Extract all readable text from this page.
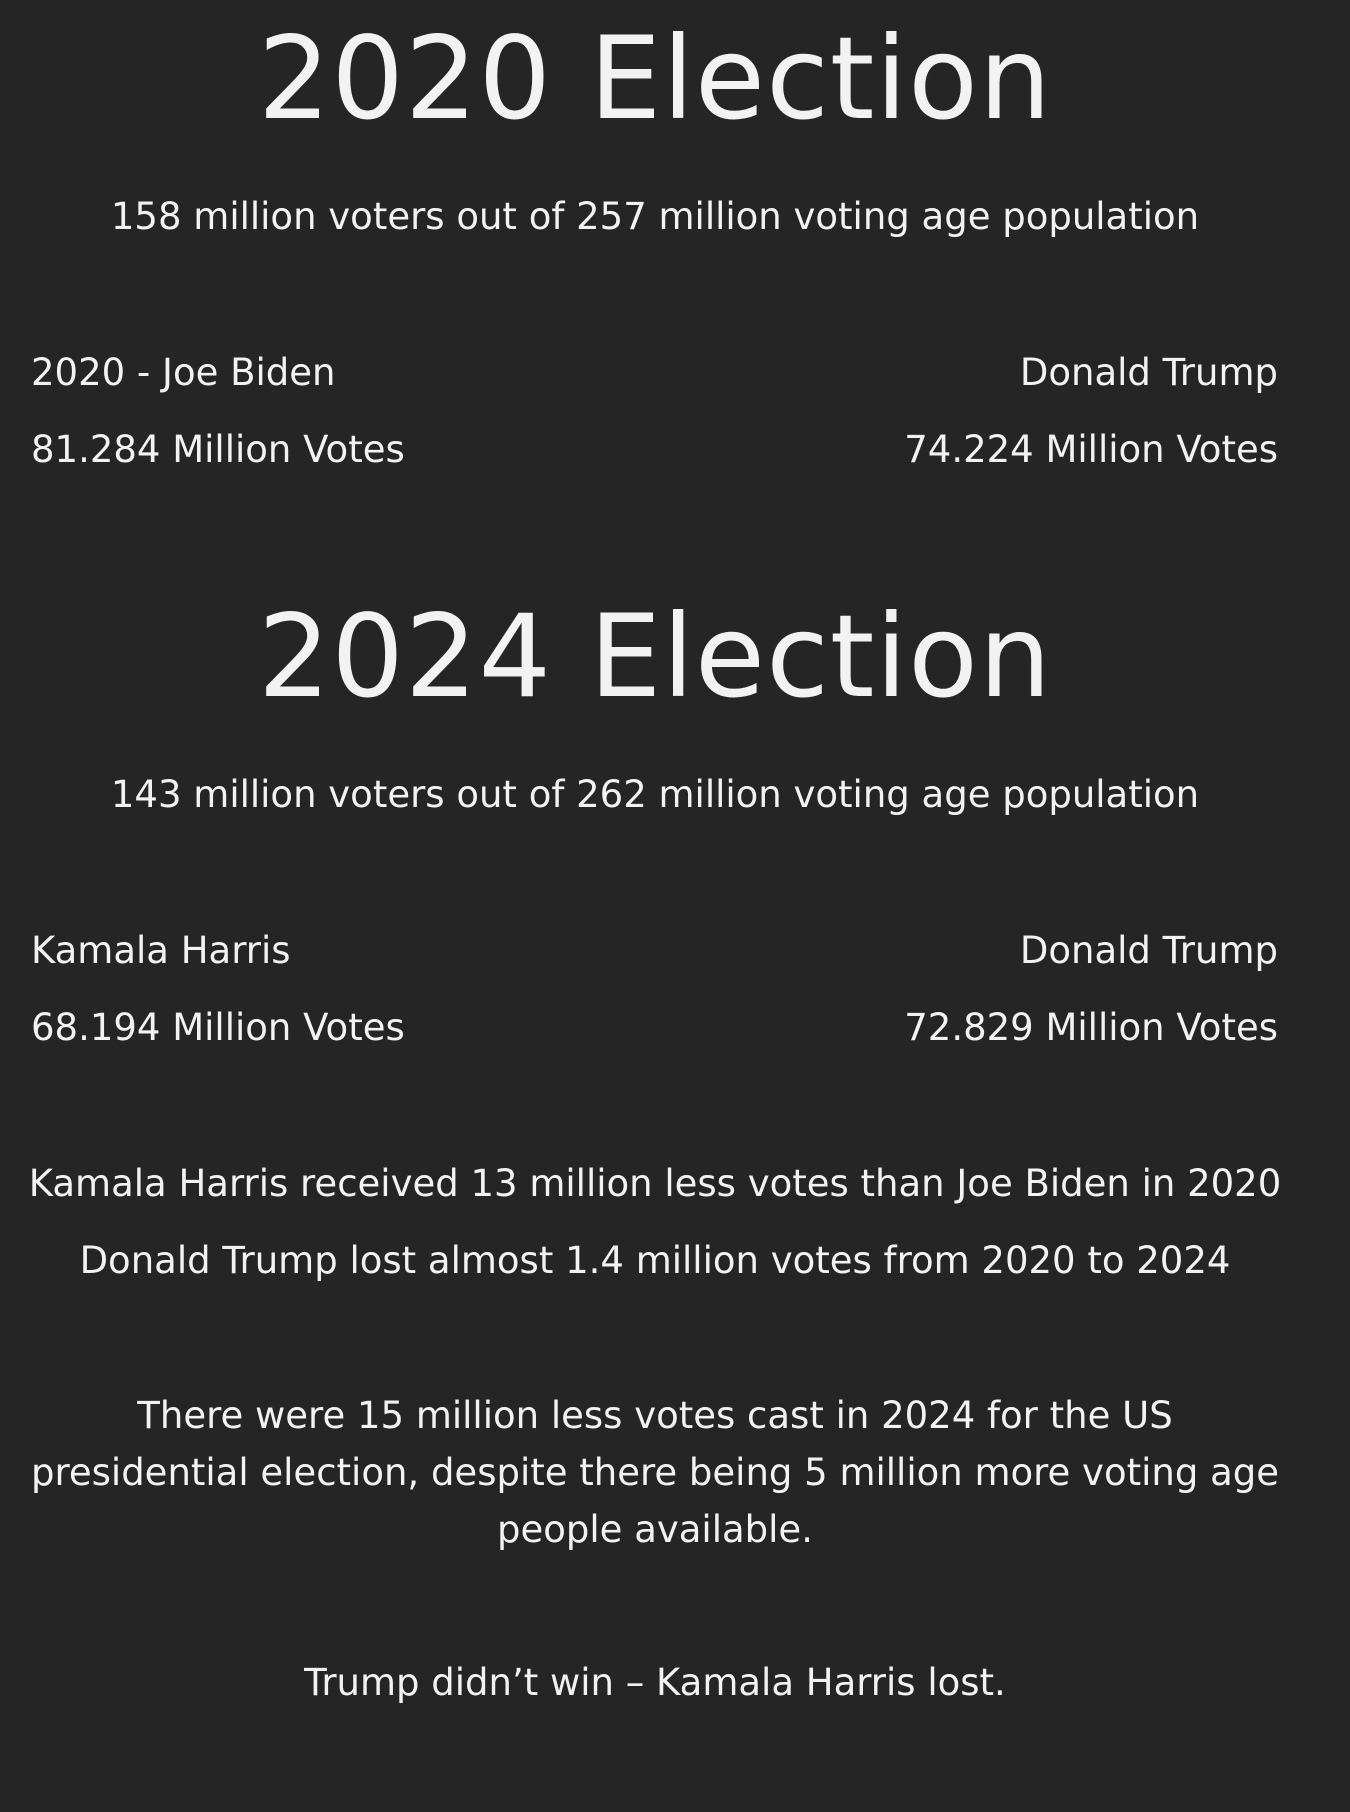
2020 Election

158 million voters out of 257 million voting age population

2020 - Joe Biden	Donald Trump

81.284 Million Votes	74.224 Million Votes

2024 Election

143 million voters out of 262 million voting age population

Kamala Harris	Donald Trump

68.194 Million Votes	72.829 Million Votes

Kamala Harris received 13 million less votes than Joe Biden in 2020

Donald Trump lost almost 1.4 million votes from 2020 to 2024

There were 15 million less votes cast in 2024 for the US presidential election, despite there being 5 million more voting age people available.

Trump didn’t win – Kamala Harris lost.
